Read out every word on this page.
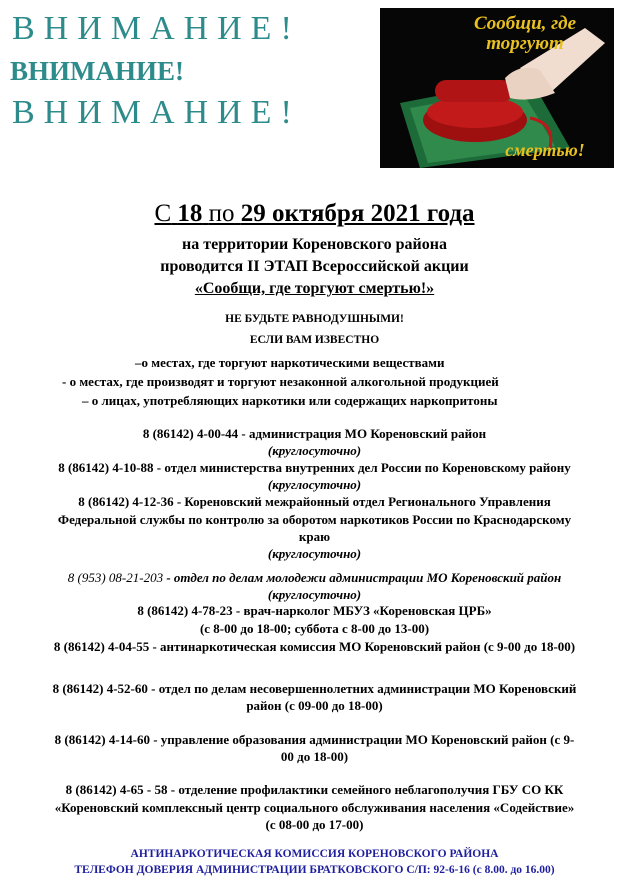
ВНИМАНИЕ!
ВНИМАНИЕ!
ВНИМАНИЕ!
Сообщи, где торгуют
смертью!
С 18 по 29 октября 2021 года
на территории Кореновского района
проводится II ЭТАП Всероссийской акции
«Сообщи, где торгуют смертью!»
НЕ БУДЬТЕ РАВНОДУШНЫМИ!
ЕСЛИ ВАМ ИЗВЕСТНО
–о местах, где торгуют наркотическими веществами
- о местах, где производят и торгуют незаконной алкогольной продукцией
– о лицах, употребляющих наркотики или содержащих наркопритоны
8 (86142) 4-00-44 - администрация МО Кореновский район
(круглосуточно)
8 (86142) 4-10-88 - отдел министерства внутренних дел России по Кореновскому району
(круглосуточно)
8 (86142) 4-12-36 - Кореновский межрайонный отдел Регионального Управления
Федеральной службы по контролю за оборотом наркотиков России по Краснодарскому
краю
(круглосуточно)
8 (953) 08-21-203 - отдел по делам молодежи администрации МО Кореновский район
(круглосуточно)
8 (86142) 4-78-23 - врач-нарколог МБУЗ «Кореновская ЦРБ»
(с 8-00 до 18-00; суббота с 8-00 до 13-00)
8 (86142) 4-04-55 - антинаркотическая комиссия МО Кореновский район (с 9-00 до 18-00)
8 (86142) 4-52-60 - отдел по делам несовершеннолетних администрации МО Кореновский
район (с 09-00 до 18-00)
8 (86142) 4-14-60 - управление образования администрации МО Кореновский район (с 9-
00 до 18-00)
8 (86142) 4-65 - 58 - отделение профилактики семейного неблагополучия ГБУ СО КК
«Кореновский комплексный центр социального обслуживания населения «Содействие»
(с 08-00 до 17-00)
АНТИНАРКОТИЧЕСКАЯ КОМИССИЯ КОРЕНОВСКОГО РАЙОНА
ТЕЛЕФОН ДОВЕРИЯ АДМИНИСТРАЦИИ БРАТКОВСКОГО С/П: 92-6-16 (с 8.00. до 16.00)
